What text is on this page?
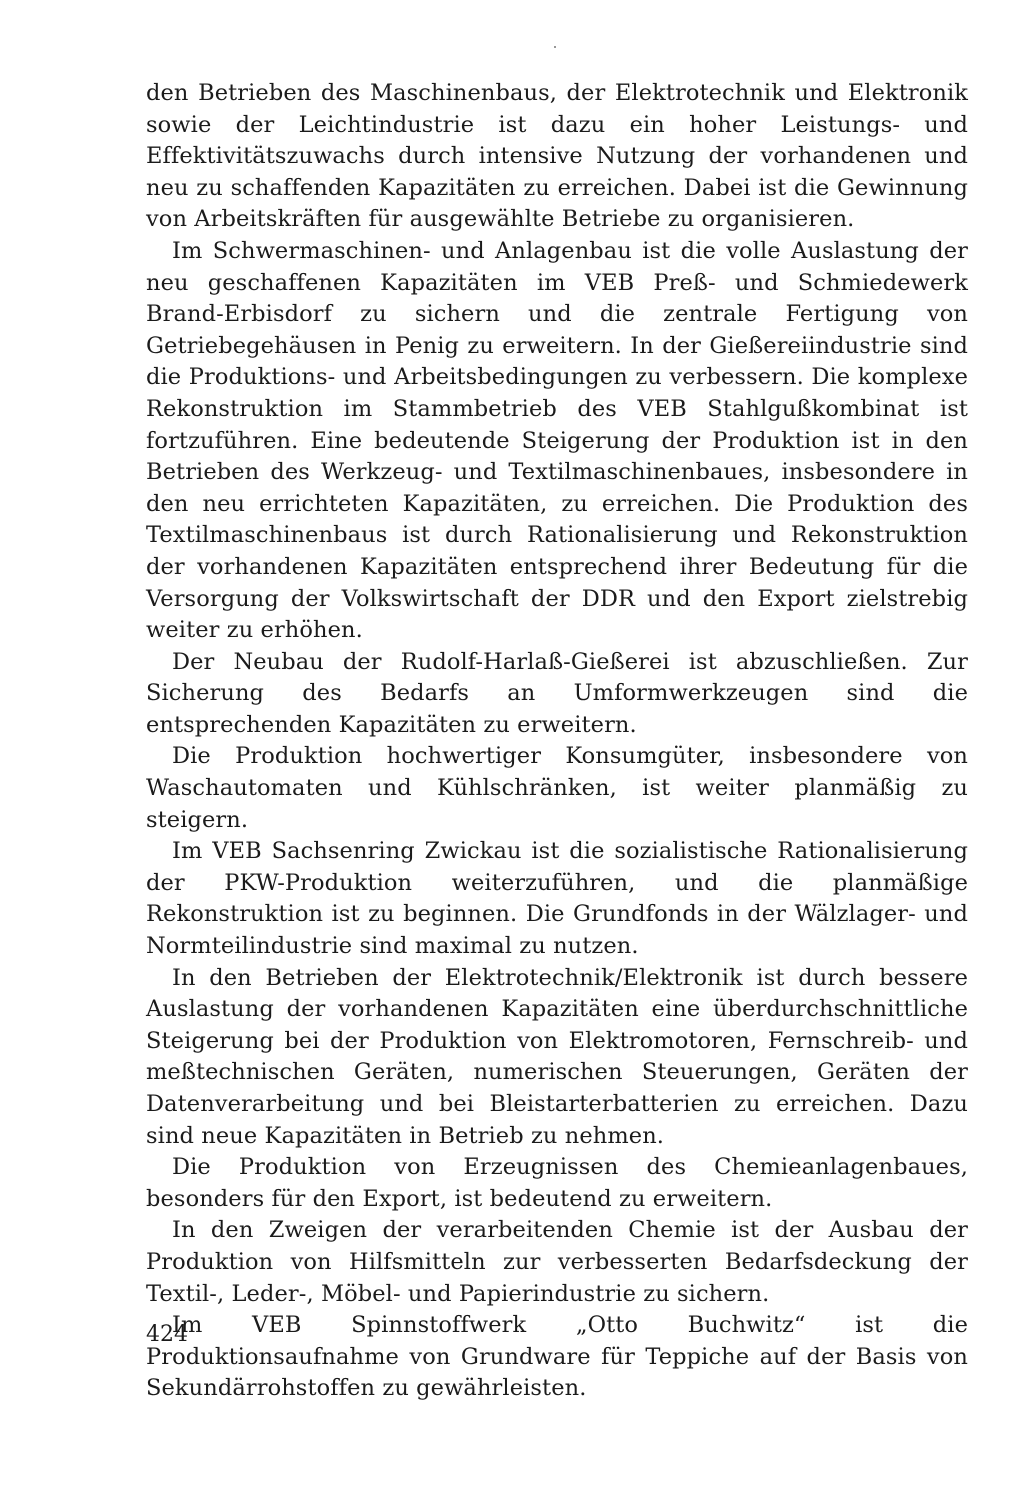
den Betrieben des Maschinenbaus, der Elektrotechnik und Elektronik sowie der Leichtindustrie ist dazu ein hoher Leistungs- und Effektivitätszuwachs durch intensive Nutzung der vorhandenen und neu zu schaffenden Kapazitäten zu erreichen. Dabei ist die Gewinnung von Arbeitskräften für ausgewählte Betriebe zu organisieren.

Im Schwermaschinen- und Anlagenbau ist die volle Auslastung der neu geschaffenen Kapazitäten im VEB Preß- und Schmiedewerk Brand-Erbisdorf zu sichern und die zentrale Fertigung von Getriebegehäusen in Penig zu erweitern. In der Gießereiindustrie sind die Produktions- und Arbeitsbedingungen zu verbessern. Die komplexe Rekonstruktion im Stammbetrieb des VEB Stahlgußkombinat ist fortzuführen. Eine bedeutende Steigerung der Produktion ist in den Betrieben des Werkzeug- und Textilmaschinenbaues, insbesondere in den neu errichteten Kapazitäten, zu erreichen. Die Produktion des Textilmaschinenbaus ist durch Rationalisierung und Rekonstruktion der vorhandenen Kapazitäten entsprechend ihrer Bedeutung für die Versorgung der Volkswirtschaft der DDR und den Export zielstrebig weiter zu erhöhen.

Der Neubau der Rudolf-Harlaß-Gießerei ist abzuschließen. Zur Sicherung des Bedarfs an Umformwerkzeugen sind die entsprechenden Kapazitäten zu erweitern.

Die Produktion hochwertiger Konsumgüter, insbesondere von Waschautomaten und Kühlschränken, ist weiter planmäßig zu steigern.

Im VEB Sachsenring Zwickau ist die sozialistische Rationalisierung der PKW-Produktion weiterzuführen, und die planmäßige Rekonstruktion ist zu beginnen. Die Grundfonds in der Wälzlager- und Normteilindustrie sind maximal zu nutzen.

In den Betrieben der Elektrotechnik/Elektronik ist durch bessere Auslastung der vorhandenen Kapazitäten eine überdurchschnittliche Steigerung bei der Produktion von Elektromotoren, Fernschreib- und meßtechnischen Geräten, numerischen Steuerungen, Geräten der Datenverarbeitung und bei Bleistarterbatterien zu erreichen. Dazu sind neue Kapazitäten in Betrieb zu nehmen.

Die Produktion von Erzeugnissen des Chemieanlagenbaues, besonders für den Export, ist bedeutend zu erweitern.

In den Zweigen der verarbeitenden Chemie ist der Ausbau der Produktion von Hilfsmitteln zur verbesserten Bedarfsdeckung der Textil-, Leder-, Möbel- und Papierindustrie zu sichern.

Im VEB Spinnstoffwerk „Otto Buchwitz“ ist die Produktionsaufnahme von Grundware für Teppiche auf der Basis von Sekundärrohstoffen zu gewährleisten.

424
